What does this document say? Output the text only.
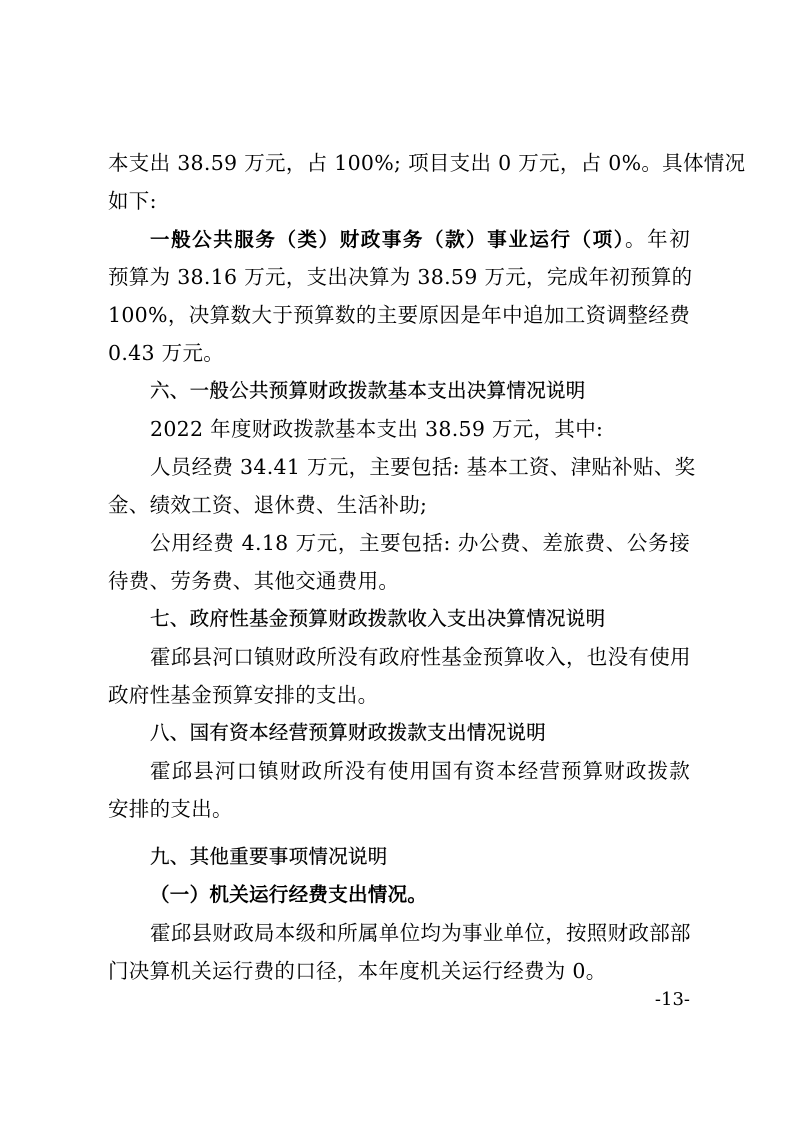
本支出 38.59 万元，占 100%; 项目支出 0 万元，占 0%。具体情况
如下:
一般公共服务（类）财政事务（款）事业运行（项）。年初
预算为 38.16 万元，支出决算为 38.59 万元，完成年初预算的
100%，决算数大于预算数的主要原因是年中追加工资调整经费
0.43 万元。
六、一般公共预算财政拨款基本支出决算情况说明
2022 年度财政拨款基本支出 38.59 万元，其中:
人员经费 34.41 万元，主要包括: 基本工资、津贴补贴、奖
金、绩效工资、退休费、生活补助;
公用经费 4.18 万元，主要包括: 办公费、差旅费、公务接
待费、劳务费、其他交通费用。
七、政府性基金预算财政拨款收入支出决算情况说明
霍邱县河口镇财政所没有政府性基金预算收入，也没有使用
政府性基金预算安排的支出。
八、国有资本经营预算财政拨款支出情况说明
霍邱县河口镇财政所没有使用国有资本经营预算财政拨款
安排的支出。
九、其他重要事项情况说明
（一）机关运行经费支出情况。
霍邱县财政局本级和所属单位均为事业单位，按照财政部部
门决算机关运行费的口径，本年度机关运行经费为 0。
-13-
